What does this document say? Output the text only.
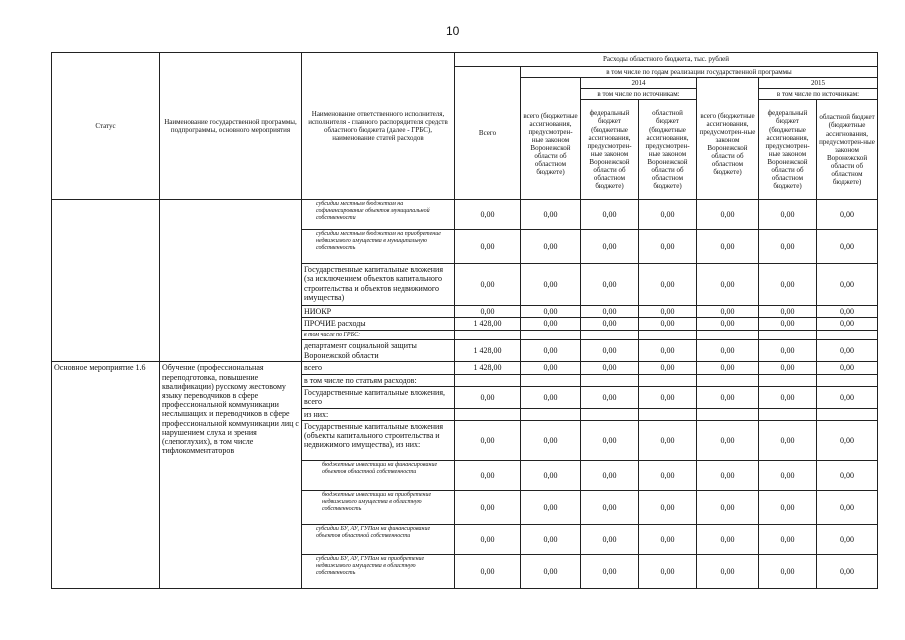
10
Статус	Наименование государственной программы, подпрограммы, основного мероприятия	Наименование ответственного исполнителя, исполнителя - главного распорядителя средств областного бюджета (далее - ГРБС), наименование статей расходов	Расходы областного бюджета, тыс. рублей						
			Всего	в том числе по годам реализации государственной программы					
					2014			2015	
				всего (бюджетные ассигнования, предусмотрен-ные законом Воронежской области об областном бюджете)	в том числе по источникам:		всего (бюджетные ассигнования, предусмотрен-ные законом Воронежской области об областном бюджете)	в том числе по источникам:	
					федеральный бюджет (бюджетные ассигнования, предусмотрен-ные законом Воронежской области об областном бюджете)	областной бюджет (бюджетные ассигнования, предусмотрен-ные законом Воронежской области об областном бюджете)		федеральный бюджет (бюджетные ассигнования, предусмотрен-ные законом Воронежской области об областном бюджете)	областной бюджет (бюджетные ассигнования, предусмотрен-ные законом Воронежской области об областном бюджете)
		субсидии местным бюджетам на софинансирование объектов муниципальной собственности	0,00	0,00	0,00	0,00	0,00	0,00	0,00
		субсидии местным бюджетам на приобретение недвижимого имущества в муниципальную собственность	0,00	0,00	0,00	0,00	0,00	0,00	0,00
		Государственные капитальные вложения (за исключением объектов капитального строительства и объектов недвижимого имущества)	0,00	0,00	0,00	0,00	0,00	0,00	0,00
		НИОКР	0,00	0,00	0,00	0,00	0,00	0,00	0,00
		ПРОЧИЕ расходы	1 428,00	0,00	0,00	0,00	0,00	0,00	0,00
		в том числе по ГРБС:							
		департамент социальной защиты Воронежской области	1 428,00	0,00	0,00	0,00	0,00	0,00	0,00
Основное мероприятие 1.6	Обучение (профессиональная переподготовка, повышение квалификации) русскому жестовому языку переводчиков в сфере профессиональной коммуникации неслышащих и переводчиков в сфере профессиональной коммуникации лиц с нарушением слуха и зрения (слепоглухих), в том числе тифлокомментаторов	всего	1 428,00	0,00	0,00	0,00	0,00	0,00	0,00
		в том числе по статьям расходов:							
		Государственные капитальные вложения, всего	0,00	0,00	0,00	0,00	0,00	0,00	0,00
		из них:							
		Государственные капитальные вложения (объекты капитального строительства и недвижимого имущества), из них:	0,00	0,00	0,00	0,00	0,00	0,00	0,00
		бюджетные инвестиции на финансирование объектов областной собственности	0,00	0,00	0,00	0,00	0,00	0,00	0,00
		бюджетные инвестиции на приобретение недвижимого имущества в областную собственность	0,00	0,00	0,00	0,00	0,00	0,00	0,00
		субсидии БУ, АУ, ГУПам на финансирование объектов областной собственности	0,00	0,00	0,00	0,00	0,00	0,00	0,00
		субсидии БУ, АУ, ГУПам на приобретение недвижимого имущества в областную собственность	0,00	0,00	0,00	0,00	0,00	0,00	0,00
